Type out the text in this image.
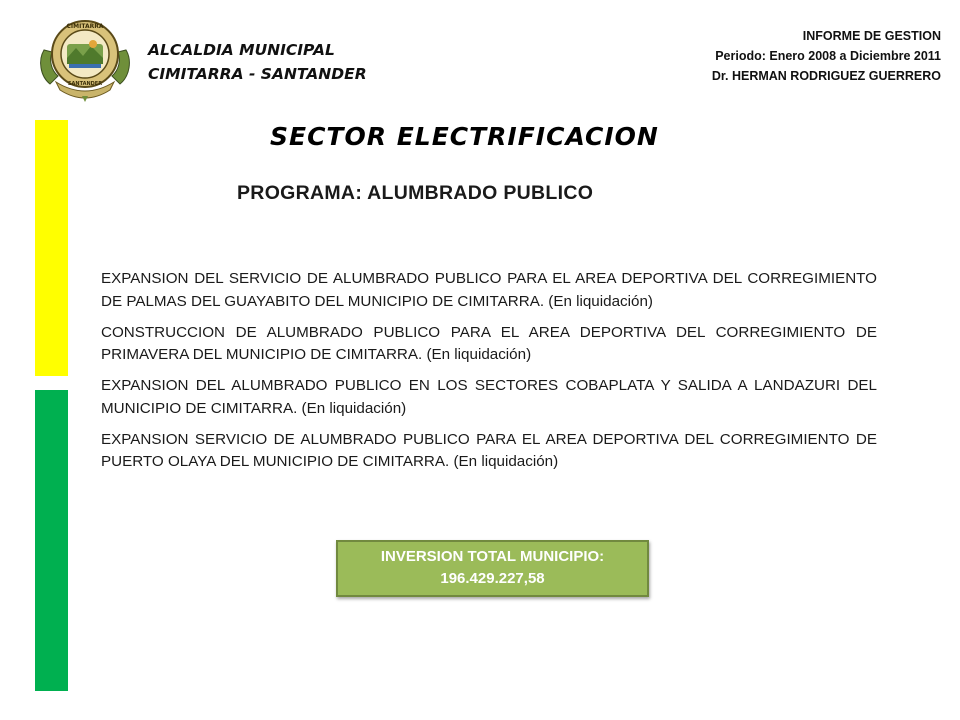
CIMITARRA
SANTANDER
ALCALDIA MUNICIPAL
CIMITARRA - SANTANDER
INFORME DE GESTION
Periodo: Enero 2008 a Diciembre 2011
Dr. HERMAN RODRIGUEZ GUERRERO
SECTOR ELECTRIFICACION
PROGRAMA: ALUMBRADO PUBLICO
EXPANSION DEL SERVICIO DE ALUMBRADO PUBLICO PARA EL AREA DEPORTIVA DEL CORREGIMIENTO DE PALMAS DEL GUAYABITO DEL MUNICIPIO DE CIMITARRA. (En liquidación)
CONSTRUCCION DE ALUMBRADO PUBLICO PARA EL AREA DEPORTIVA DEL CORREGIMIENTO DE PRIMAVERA DEL MUNICIPIO DE CIMITARRA. (En liquidación)
EXPANSION DEL ALUMBRADO PUBLICO EN LOS SECTORES COBAPLATA Y SALIDA A LANDAZURI DEL MUNICIPIO DE CIMITARRA. (En liquidación)
EXPANSION SERVICIO DE ALUMBRADO PUBLICO PARA EL AREA DEPORTIVA DEL CORREGIMIENTO DE PUERTO OLAYA DEL MUNICIPIO DE CIMITARRA. (En liquidación)
INVERSION TOTAL MUNICIPIO:
196.429.227,58
